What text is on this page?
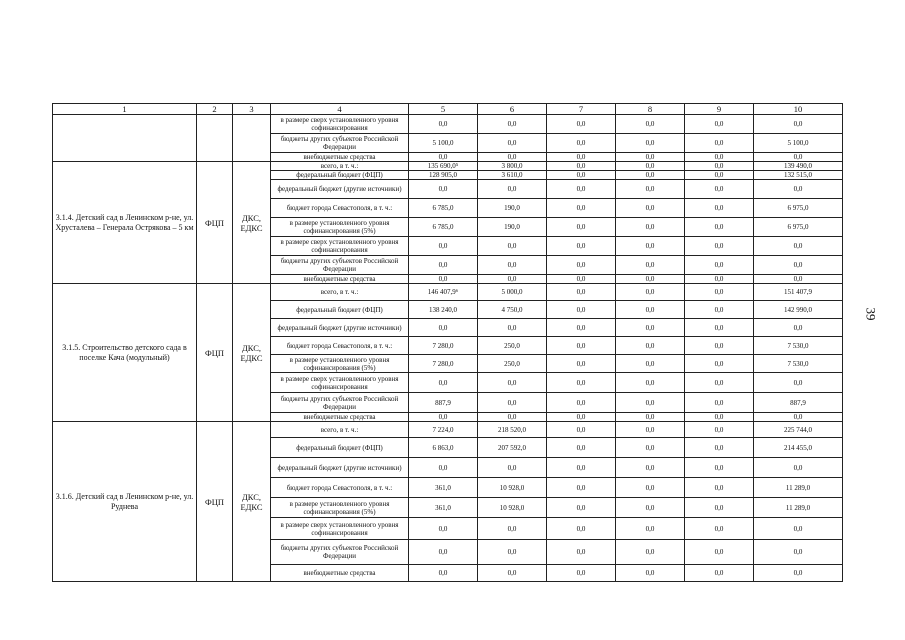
1	2	3	4	5	6	7	8	9	10
			в размере сверх установленного уровня софинансирования	0,0	0,0	0,0	0,0	0,0	0,0
			бюджеты других субъектов Российской Федерации	5 100,0	0,0	0,0	0,0	0,0	5 100,0
			внебюджетные средства	0,0	0,0	0,0	0,0	0,0	0,0
3.1.4. Детский сад в Ленинском р-не, ул. Хрусталева – Генерала Острякова – 5 км	ФЦП	ДКС, ЕДКС	всего, в т. ч.:	135 690,0⁵	3 800,0	0,0	0,0	0,0	139 490,0
			федеральный бюджет (ФЦП)	128 905,0	3 610,0	0,0	0,0	0,0	132 515,0
			федеральный бюджет (другие источники)	0,0	0,0	0,0	0,0	0,0	0,0
			бюджет города Севастополя, в т. ч.:	6 785,0	190,0	0,0	0,0	0,0	6 975,0
			в размере установленного уровня софинансирования (5%)	6 785,0	190,0	0,0	0,0	0,0	6 975,0
			в размере сверх установленного уровня софинансирования	0,0	0,0	0,0	0,0	0,0	0,0
			бюджеты других субъектов Российской Федерации	0,0	0,0	0,0	0,0	0,0	0,0
			внебюджетные средства	0,0	0,0	0,0	0,0	0,0	0,0
3.1.5. Строительство детского сада в поселке Кача (модульный)	ФЦП	ДКС, ЕДКС	всего, в т. ч.:	146 407,9⁶	5 000,0	0,0	0,0	0,0	151 407,9
			федеральный бюджет (ФЦП)	138 240,0	4 750,0	0,0	0,0	0,0	142 990,0
			федеральный бюджет (другие источники)	0,0	0,0	0,0	0,0	0,0	0,0
			бюджет города Севастополя, в т. ч.:	7 280,0	250,0	0,0	0,0	0,0	7 530,0
			в размере установленного уровня софинансирования (5%)	7 280,0	250,0	0,0	0,0	0,0	7 530,0
			в размере сверх установленного уровня софинансирования	0,0	0,0	0,0	0,0	0,0	0,0
			бюджеты других субъектов Российской Федерации	887,9	0,0	0,0	0,0	0,0	887,9
			внебюджетные средства	0,0	0,0	0,0	0,0	0,0	0,0
3.1.6. Детский сад в Ленинском р-не, ул. Руднева	ФЦП	ДКС, ЕДКС	всего, в т. ч.:	7 224,0	218 520,0	0,0	0,0	0,0	225 744,0
			федеральный бюджет (ФЦП)	6 863,0	207 592,0	0,0	0,0	0,0	214 455,0
			федеральный бюджет (другие источники)	0,0	0,0	0,0	0,0	0,0	0,0
			бюджет города Севастополя, в т. ч.:	361,0	10 928,0	0,0	0,0	0,0	11 289,0
			в размере установленного уровня софинансирования (5%)	361,0	10 928,0	0,0	0,0	0,0	11 289,0
			в размере сверх установленного уровня софинансирования	0,0	0,0	0,0	0,0	0,0	0,0
			бюджеты других субъектов Российской Федерации	0,0	0,0	0,0	0,0	0,0	0,0
			внебюджетные средства	0,0	0,0	0,0	0,0	0,0	0,0
39
